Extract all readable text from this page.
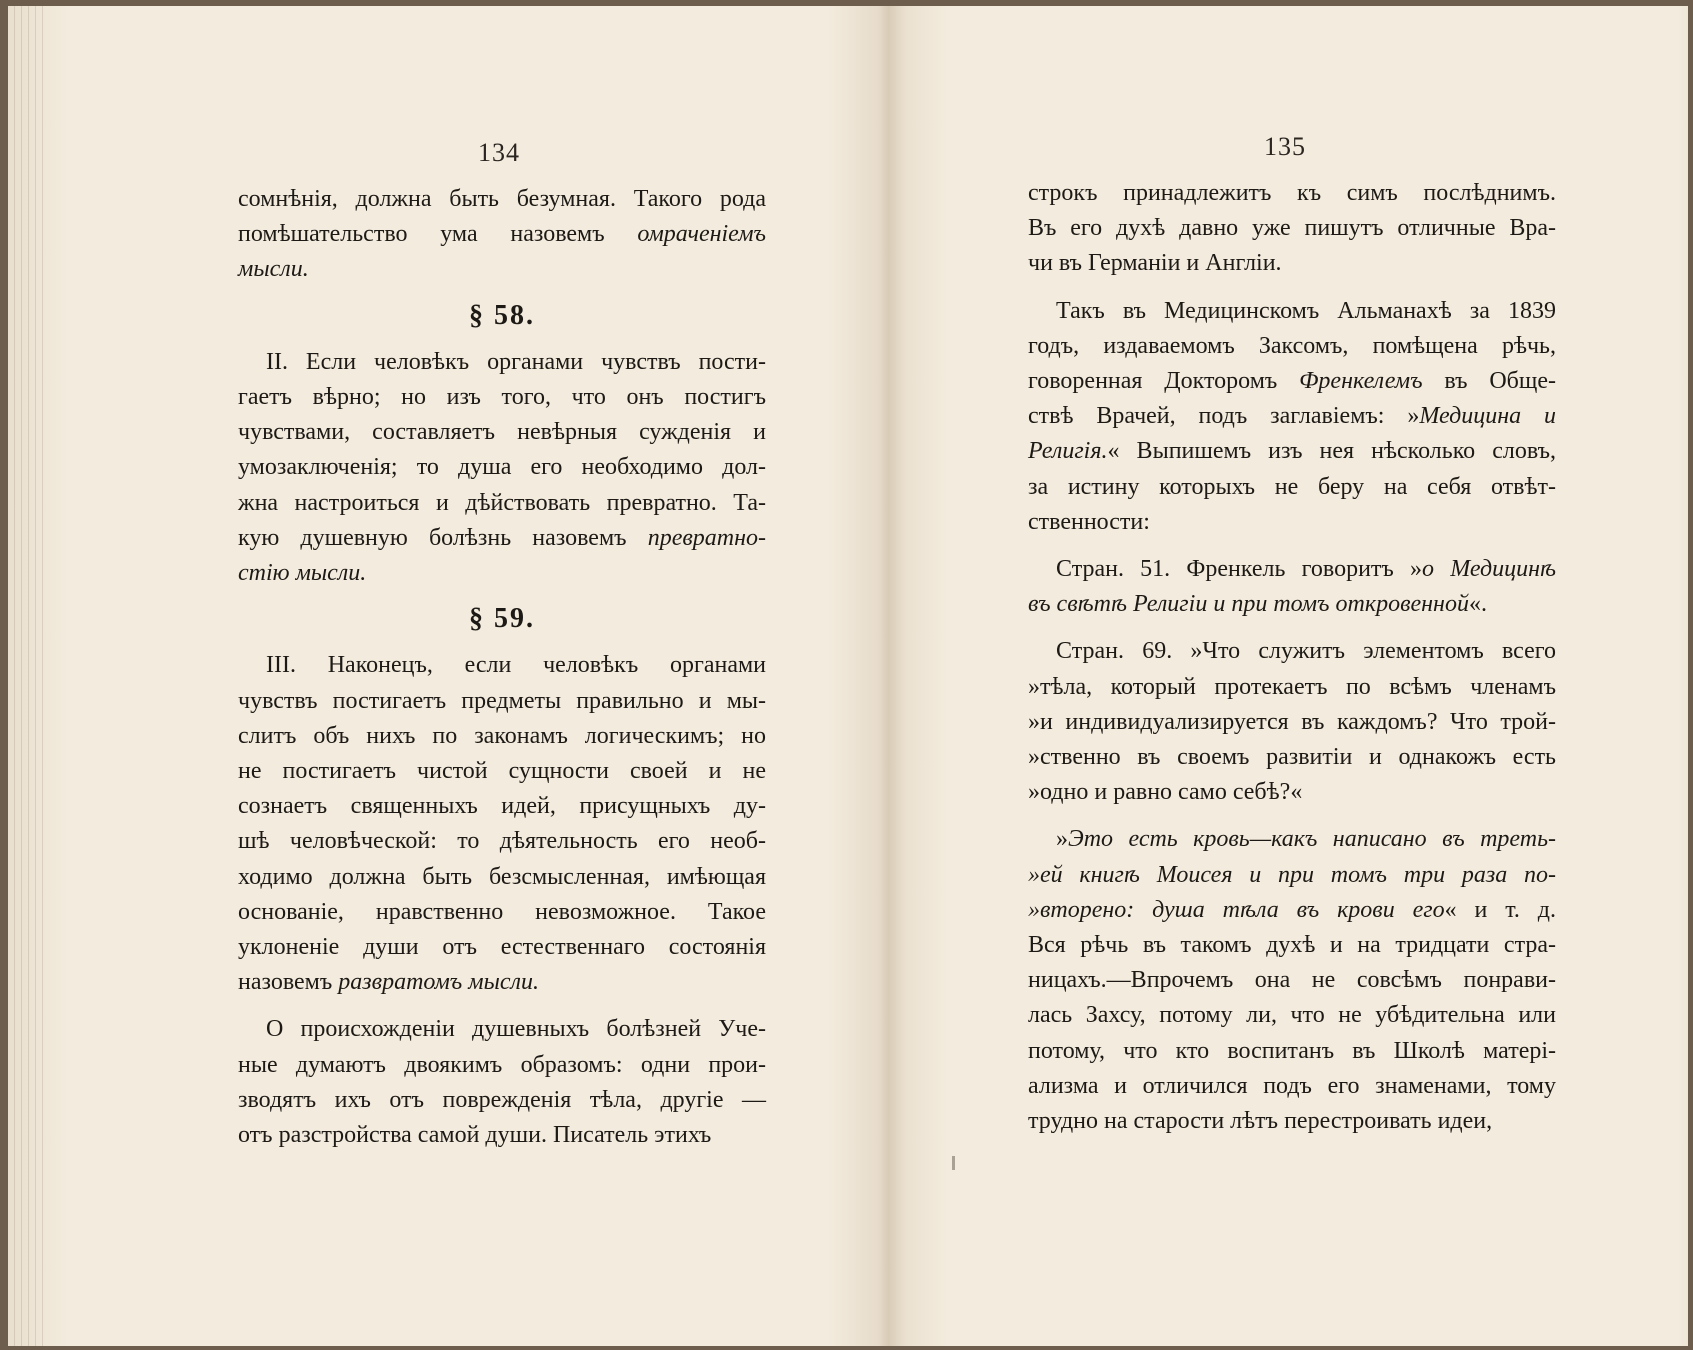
134
сомнѣнія, должна быть безумная. Такого рода
помѣшательство ума назовемъ омраченіемъ
мысли.
§ 58.
II. Если человѣкъ органами чувствъ пости-
гаетъ вѣрно; но изъ того, что онъ постигъ
чувствами, составляетъ невѣрныя сужденія и
умозаключенія; то душа его необходимо дол-
жна настроиться и дѣйствовать превратно. Та-
кую душевную болѣзнь назовемъ превратно-
стію мысли.
§ 59.
III. Наконецъ, если человѣкъ органами
чувствъ постигаетъ предметы правильно и мы-
слитъ объ нихъ по законамъ логическимъ; но
не постигаетъ чистой сущности своей и не
сознаетъ священныхъ идей, присущныхъ ду-
шѣ человѣческой: то дѣятельность его необ-
ходимо должна быть безсмысленная, имѣющая
основаніе, нравственно невозможное. Такое
уклоненіе души отъ естественнаго состоянія
назовемъ развратомъ мысли.
О происхожденіи душевныхъ болѣзней Уче-
ные думаютъ двоякимъ образомъ: одни прои-
зводятъ ихъ отъ поврежденія тѣла, другіе —
отъ разстройства самой души. Писатель этихъ
135
строкъ принадлежитъ къ симъ послѣднимъ.
Въ его духѣ давно уже пишутъ отличные Вра-
чи въ Германіи и Англіи.
Такъ въ Медицинскомъ Альманахѣ за 1839
годъ, издаваемомъ Заксомъ, помѣщена рѣчь,
говоренная Докторомъ Френкелемъ въ Обще-
ствѣ Врачей, подъ заглавіемъ: »Медицина и
Религія.« Выпишемъ изъ нея нѣсколько словъ,
за истину которыхъ не беру на себя отвѣт-
ственности:
Стран. 51. Френкель говоритъ »о Медицинѣ
въ свѣтѣ Религіи и при томъ откровенной«.
Стран. 69. »Что служитъ элементомъ всего
»тѣла, который протекаетъ по всѣмъ членамъ
»и индивидуализируется въ каждомъ? Что трой-
»ственно въ своемъ развитіи и однакожъ есть
»одно и равно само себѣ?«
»Это есть кровь—какъ написано въ треть-
»ей книгѣ Моисея и при томъ три раза по-
»вторено: душа тѣла въ крови его« и т. д.
Вся рѣчь въ такомъ духѣ и на тридцати стра-
ницахъ.—Впрочемъ она не совсѣмъ понрави-
лась Захсу, потому ли, что не убѣдительна или
потому, что кто воспитанъ въ Школѣ матері-
ализма и отличился подъ его знаменами, тому
трудно на старости лѣтъ перестроивать идеи,
